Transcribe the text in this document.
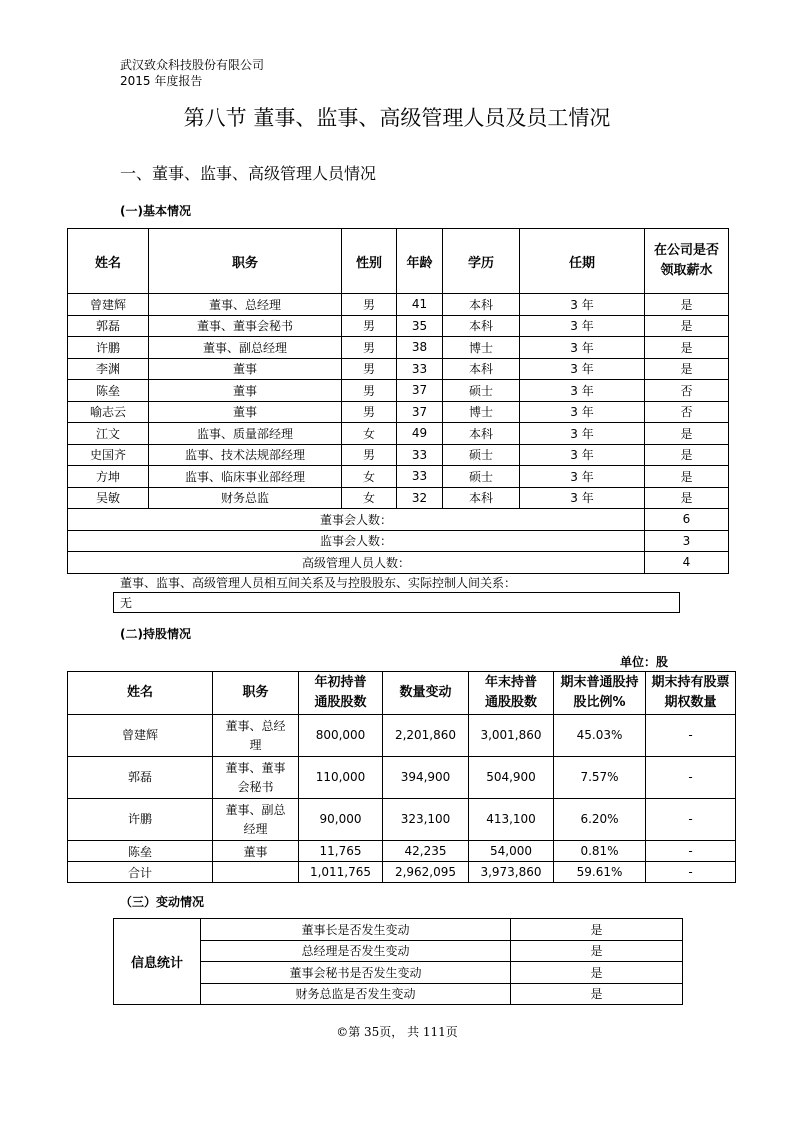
武汉致众科技股份有限公司
2015 年度报告
第八节 董事、监事、高级管理人员及员工情况
一、董事、监事、高级管理人员情况
(一)基本情况
姓名	职务	性别	年龄	学历	任期	在公司是否领取薪水
曾建辉	董事、总经理	男	41	本科	3 年	是
郭磊	董事、董事会秘书	男	35	本科	3 年	是
许鹏	董事、副总经理	男	38	博士	3 年	是
李渊	董事	男	33	本科	3 年	是
陈垒	董事	男	37	硕士	3 年	否
喻志云	董事	男	37	博士	3 年	否
江文	监事、质量部经理	女	49	本科	3 年	是
史国齐	监事、技术法规部经理	男	33	硕士	3 年	是
方坤	监事、临床事业部经理	女	33	硕士	3 年	是
吴敏	财务总监	女	32	本科	3 年	是
董事会人数：						6
监事会人数：						3
高级管理人员人数：						4
董事、监事、高级管理人员相互间关系及与控股股东、实际控制人间关系：
无
(二)持股情况
单位：股
姓名	职务	年初持普通股股数	数量变动	年末持普通股股数	期末普通股持股比例%	期末持有股票期权数量
曾建辉	董事、总经理	800,000	2,201,860	3,001,860	45.03%	-
郭磊	董事、董事会秘书	110,000	394,900	504,900	7.57%	-
许鹏	董事、副总经理	90,000	323,100	413,100	6.20%	-
陈垒	董事	11,765	42,235	54,000	0.81%	-
合计		1,011,765	2,962,095	3,973,860	59.61%	-
（三）变动情况
信息统计	董事长是否发生变动	是
	总经理是否发生变动	是
	董事会秘书是否发生变动	是
	财务总监是否发生变动	是
©第 35页， 共 111页
